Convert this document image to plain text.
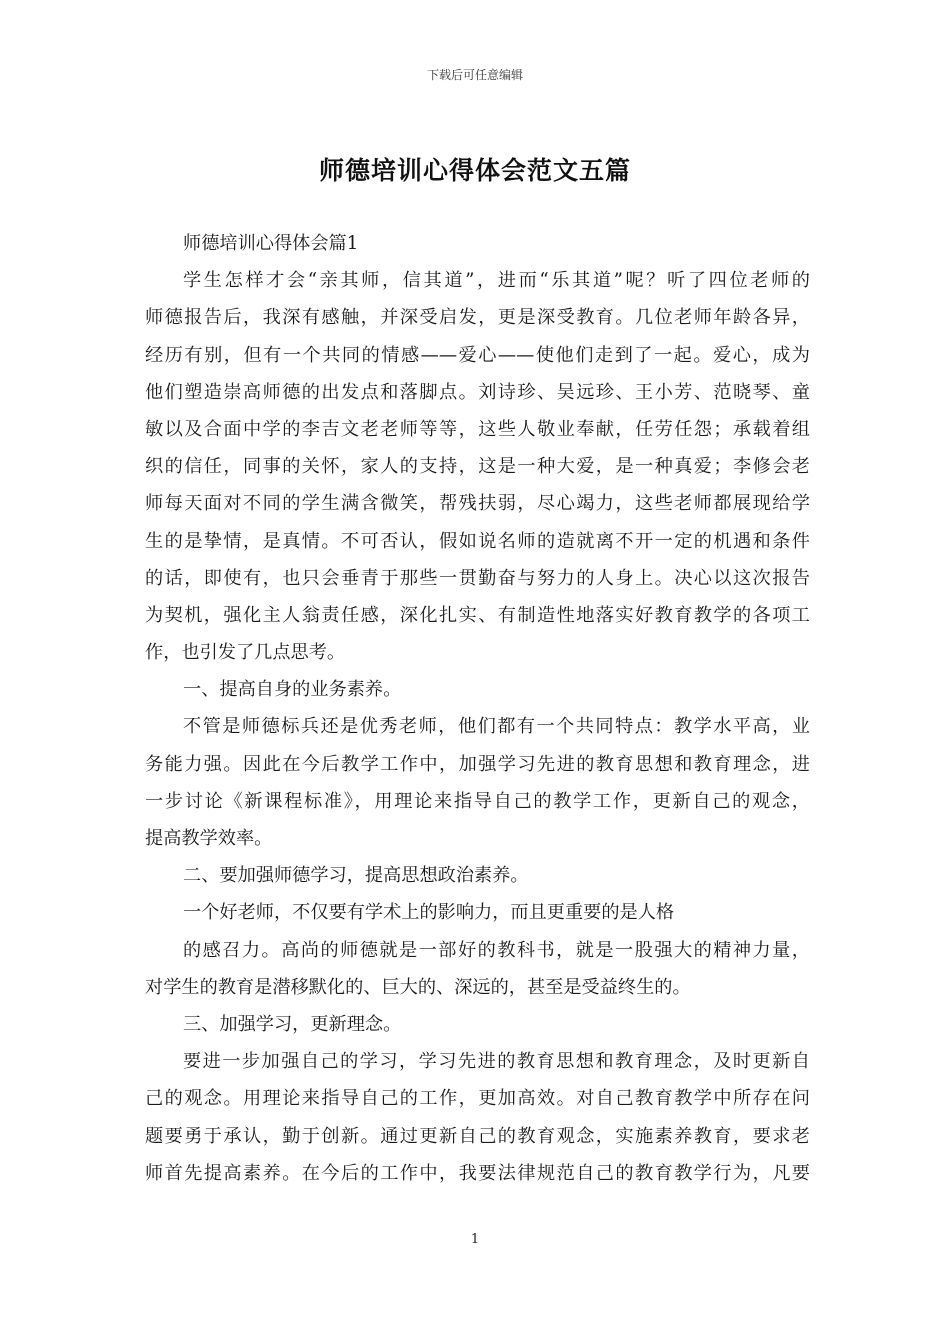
下载后可任意编辑
师德培训心得体会范文五篇
师德培训心得体会篇1
学生怎样才会“亲其师，信其道”，进而“乐其道”呢？听了四位老师的
师德报告后，我深有感触，并深受启发，更是深受教育。几位老师年龄各异，
经历有别，但有一个共同的情感——爱心——使他们走到了一起。爱心，成为
他们塑造崇高师德的出发点和落脚点。刘诗珍、吴远珍、王小芳、范晓琴、童
敏以及合面中学的李吉文老老师等等，这些人敬业奉献，任劳任怨；承载着组
织的信任，同事的关怀，家人的支持，这是一种大爱，是一种真爱；李修会老
师每天面对不同的学生满含微笑，帮残扶弱，尽心竭力，这些老师都展现给学
生的是挚情，是真情。不可否认，假如说名师的造就离不开一定的机遇和条件
的话，即使有，也只会垂青于那些一贯勤奋与努力的人身上。决心以这次报告
为契机，强化主人翁责任感，深化扎实、有制造性地落实好教育教学的各项工
作，也引发了几点思考。
一、提高自身的业务素养。
不管是师德标兵还是优秀老师，他们都有一个共同特点：教学水平高，业
务能力强。因此在今后教学工作中，加强学习先进的教育思想和教育理念，进
一步讨论《新课程标准》，用理论来指导自己的教学工作，更新自己的观念，
提高教学效率。
二、要加强师德学习，提高思想政治素养。
一个好老师，不仅要有学术上的影响力，而且更重要的是人格
的感召力。高尚的师德就是一部好的教科书，就是一股强大的精神力量，
对学生的教育是潜移默化的、巨大的、深远的，甚至是受益终生的。
三、加强学习，更新理念。
要进一步加强自己的学习，学习先进的教育思想和教育理念，及时更新自
己的观念。用理论来指导自己的工作，更加高效。对自己教育教学中所存在问
题要勇于承认，勤于创新。通过更新自己的教育观念，实施素养教育，要求老
师首先提高素养。在今后的工作中，我要法律规范自己的教育教学行为，凡要
1
